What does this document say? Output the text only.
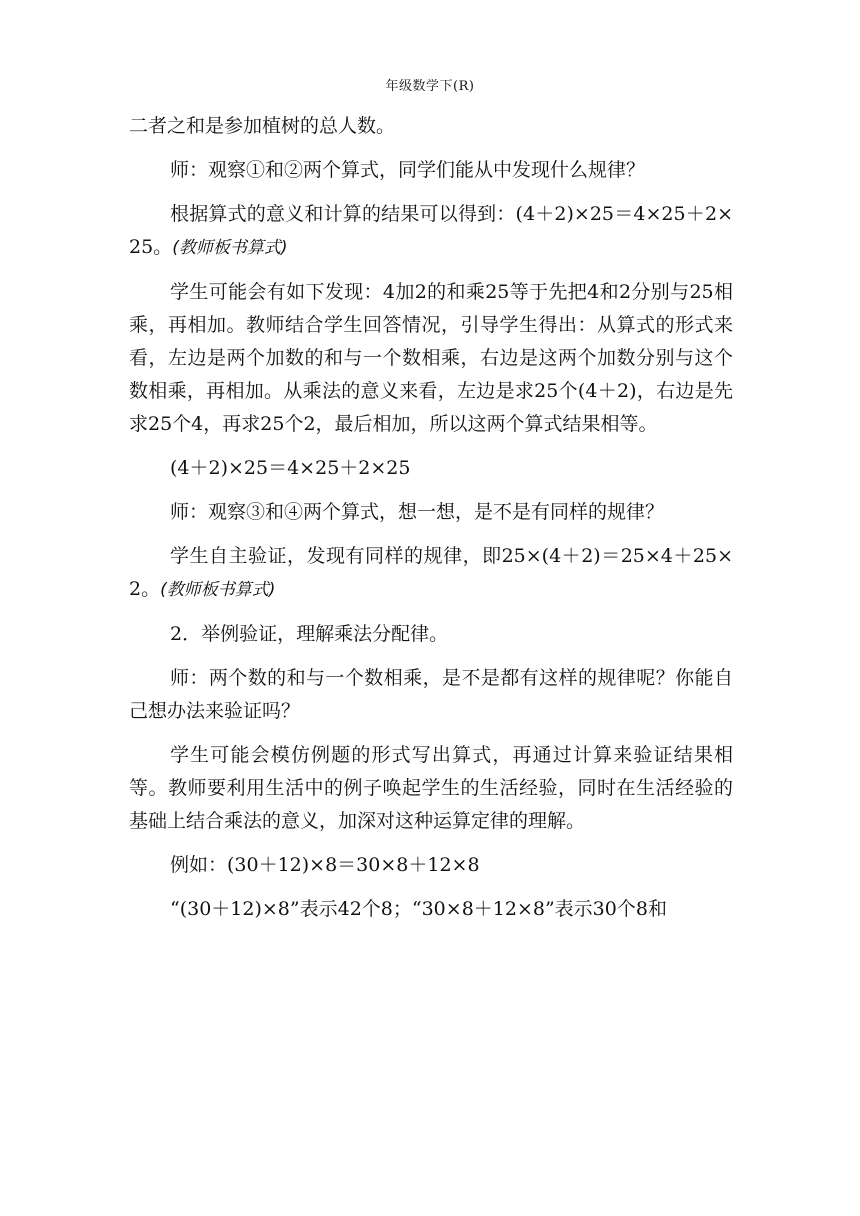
年级数学下(R)

二者之和是参加植树的总人数。

师：观察①和②两个算式，同学们能从中发现什么规律？

根据算式的意义和计算的结果可以得到：(4＋2)×25＝4×25＋2×25。(教师板书算式)

学生可能会有如下发现：4加2的和乘25等于先把4和2分别与25相乘，再相加。教师结合学生回答情况，引导学生得出：从算式的形式来看，左边是两个加数的和与一个数相乘，右边是这两个加数分别与这个数相乘，再相加。从乘法的意义来看，左边是求25个(4＋2)，右边是先求25个4，再求25个2，最后相加，所以这两个算式结果相等。

(4＋2)×25＝4×25＋2×25

师：观察③和④两个算式，想一想，是不是有同样的规律？

学生自主验证，发现有同样的规律，即25×(4＋2)＝25×4＋25×2。(教师板书算式)

2．举例验证，理解乘法分配律。

师：两个数的和与一个数相乘，是不是都有这样的规律呢？你能自己想办法来验证吗？

学生可能会模仿例题的形式写出算式，再通过计算来验证结果相等。教师要利用生活中的例子唤起学生的生活经验，同时在生活经验的基础上结合乘法的意义，加深对这种运算定律的理解。

例如：(30＋12)×8＝30×8＋12×8

“(30＋12)×8”表示42个8；“30×8＋12×8”表示30个8和
